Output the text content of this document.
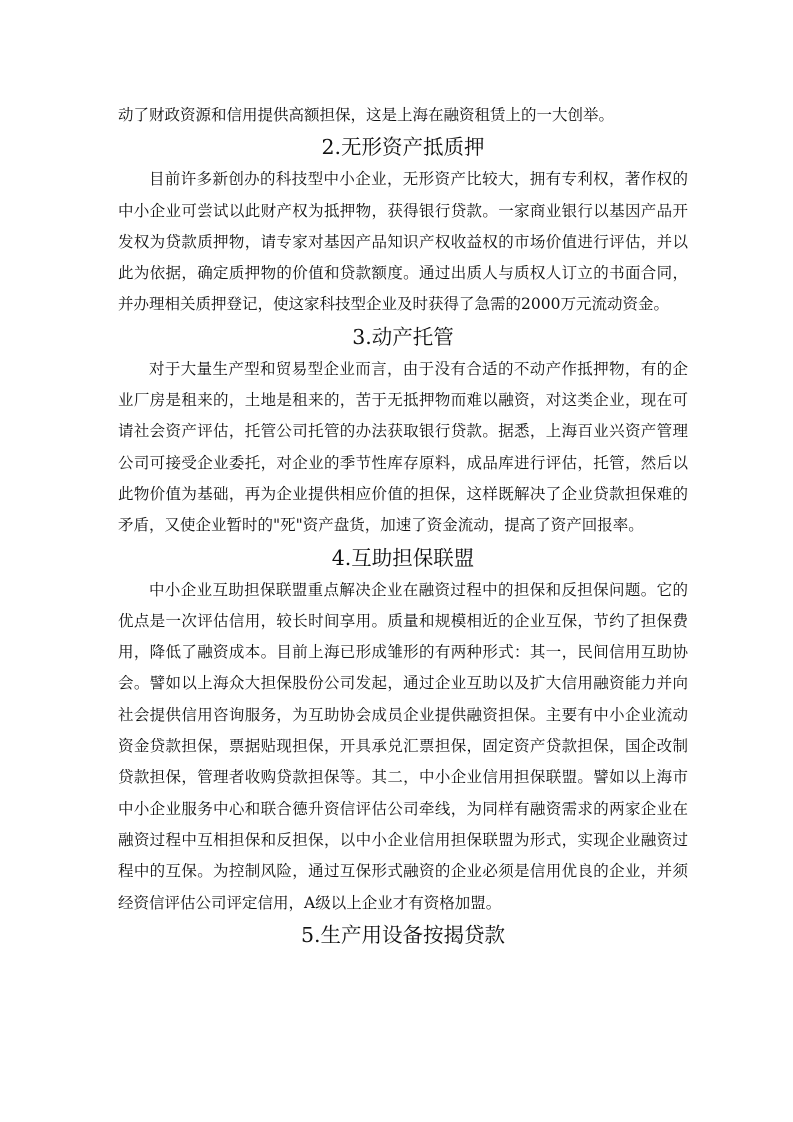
动了财政资源和信用提供高额担保，这是上海在融资租赁上的一大创举。

2.无形资产抵质押

目前许多新创办的科技型中小企业，无形资产比较大，拥有专利权，著作权的中小企业可尝试以此财产权为抵押物，获得银行贷款。一家商业银行以基因产品开发权为贷款质押物，请专家对基因产品知识产权收益权的市场价值进行评估，并以此为依据，确定质押物的价值和贷款额度。通过出质人与质权人订立的书面合同，并办理相关质押登记，使这家科技型企业及时获得了急需的2000万元流动资金。

3.动产托管

对于大量生产型和贸易型企业而言，由于没有合适的不动产作抵押物，有的企业厂房是租来的，土地是租来的，苦于无抵押物而难以融资，对这类企业，现在可请社会资产评估，托管公司托管的办法获取银行贷款。据悉，上海百业兴资产管理公司可接受企业委托，对企业的季节性库存原料，成品库进行评估，托管，然后以此物价值为基础，再为企业提供相应价值的担保，这样既解决了企业贷款担保难的矛盾，又使企业暂时的"死"资产盘货，加速了资金流动，提高了资产回报率。

4.互助担保联盟

中小企业互助担保联盟重点解决企业在融资过程中的担保和反担保问题。它的优点是一次评估信用，较长时间享用。质量和规模相近的企业互保，节约了担保费用，降低了融资成本。目前上海已形成雏形的有两种形式：其一，民间信用互助协会。譬如以上海众大担保股份公司发起，通过企业互助以及扩大信用融资能力并向社会提供信用咨询服务，为互助协会成员企业提供融资担保。主要有中小企业流动资金贷款担保，票据贴现担保，开具承兑汇票担保，固定资产贷款担保，国企改制贷款担保，管理者收购贷款担保等。其二，中小企业信用担保联盟。譬如以上海市中小企业服务中心和联合德升资信评估公司牵线，为同样有融资需求的两家企业在融资过程中互相担保和反担保，以中小企业信用担保联盟为形式，实现企业融资过程中的互保。为控制风险，通过互保形式融资的企业必须是信用优良的企业，并须经资信评估公司评定信用，A级以上企业才有资格加盟。

5.生产用设备按揭贷款
